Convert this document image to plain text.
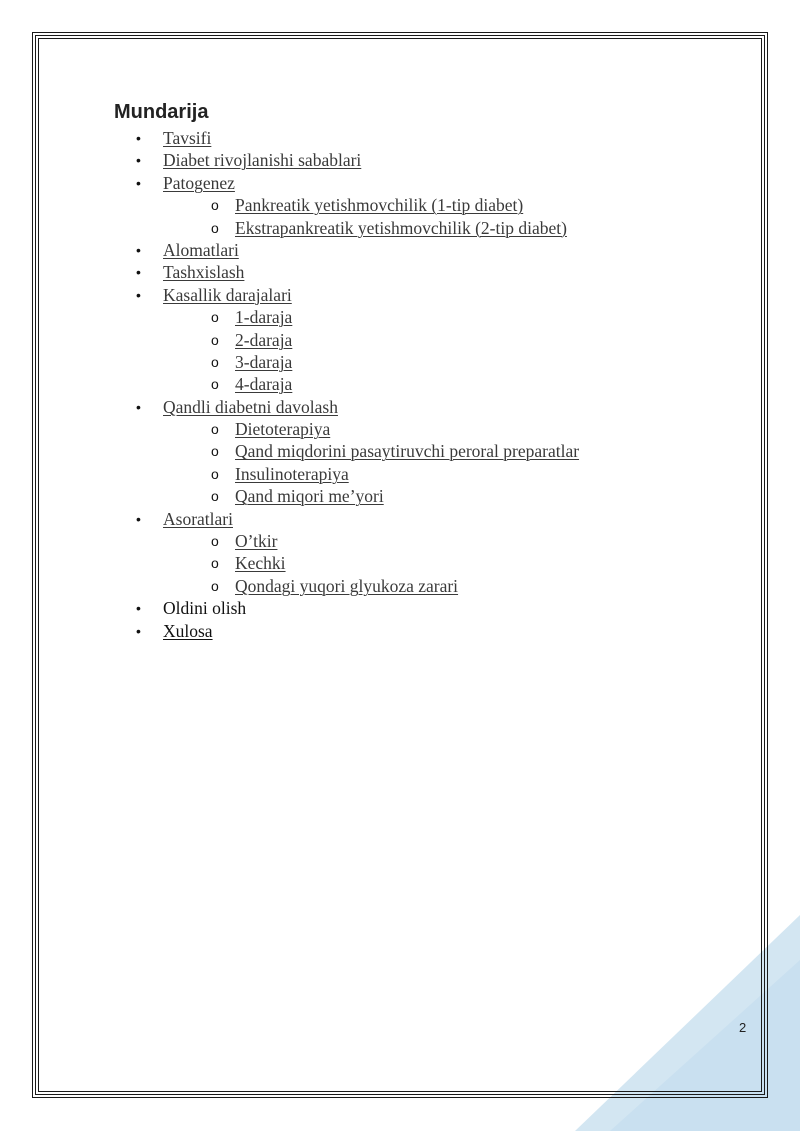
Mundarija
• Tavsifi
• Diabet rivojlanishi sabablari
• Patogenez
o Pankreatik yetishmovchilik (1-tip diabet)
o Ekstrapankreatik yetishmovchilik (2-tip diabet)
• Alomatlari
• Tashxislash
• Kasallik darajalari
o 1-daraja
o 2-daraja
o 3-daraja
o 4-daraja
• Qandli diabetni davolash
o Dietoterapiya
o Qand miqdorini pasaytiruvchi peroral preparatlar
o Insulinoterapiya
o Qand miqori me’yori
• Asoratlari
o O’tkir
o Kechki
o Qondagi yuqori glyukoza zarari
• Oldini olish
• Xulosa
2
